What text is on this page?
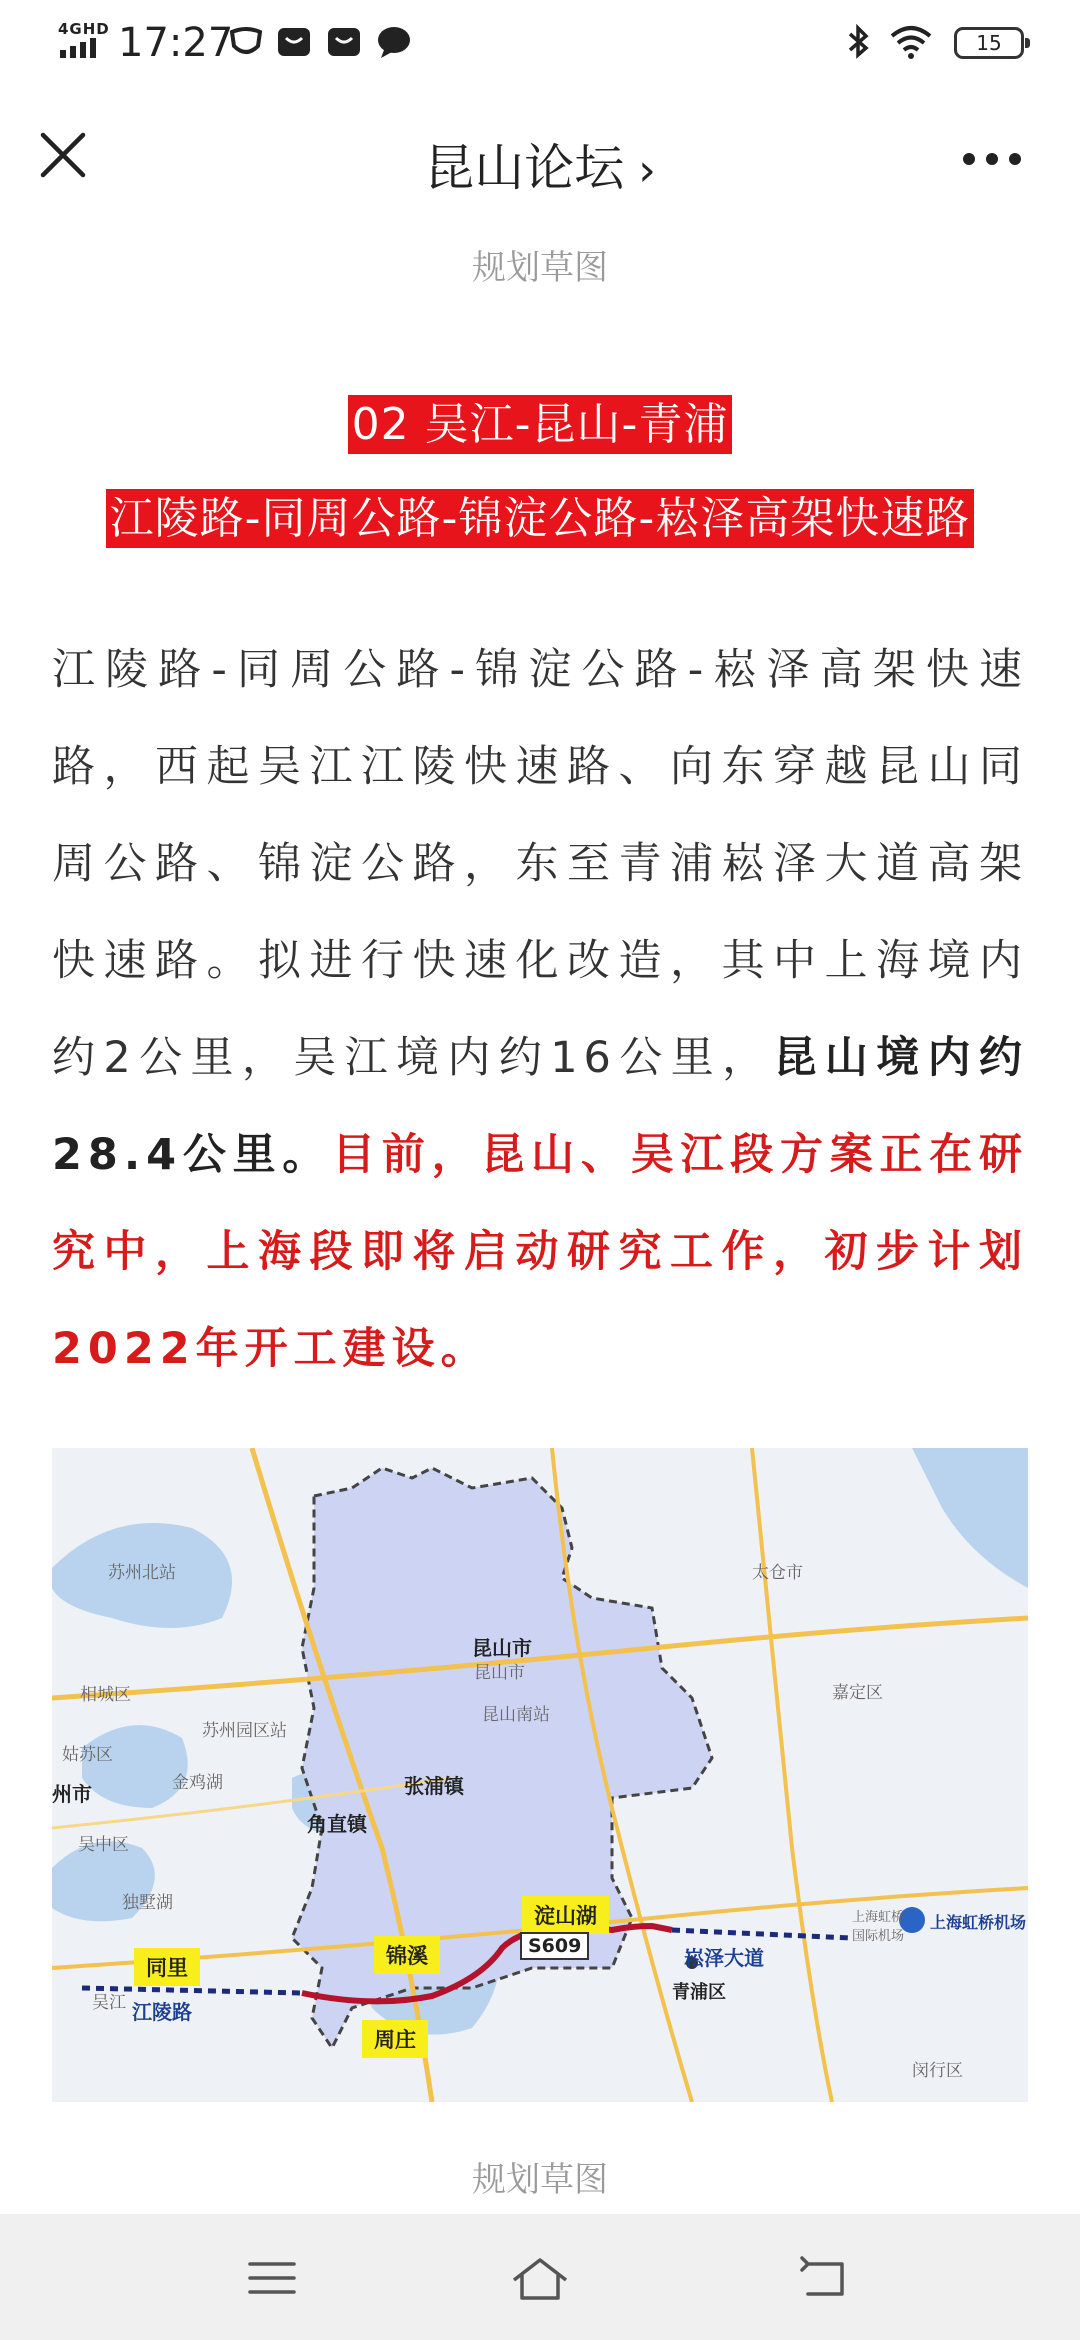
4GHD 17:27	15
昆山论坛 ›
规划草图
02 吴江-昆山-青浦
江陵路-同周公路-锦淀公路-崧泽高架快速路
江陵路-同周公路-锦淀公路-崧泽高架快速路，西起吴江江陵快速路、向东穿越昆山同周公路、锦淀公路，东至青浦崧泽大道高架快速路。拟进行快速化改造，其中上海境内约2公里，吴江境内约16公里，昆山境内约28.4公里。目前，昆山、吴江段方案正在研究中，上海段即将启动研究工作，初步计划2022年开工建设。
昆山市
昆山市
昆山南站
张浦镇
角直镇
太仓市
苏州北站
相城区
姑苏区
吴中区
州市
苏州园区站
金鸡湖
嘉定区
青浦区
闵行区
上海虹桥机场
上海虹桥国际机场
独墅湖
吴江
淀山湖
锦溪
同里
周庄
S609	崧泽大道
江陵路
规划草图
